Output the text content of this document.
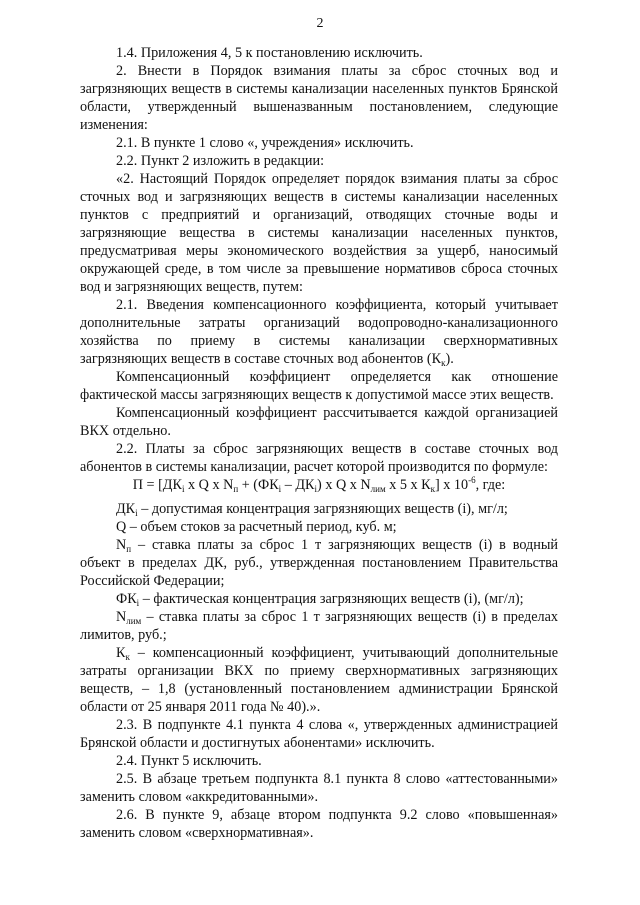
2

1.4. Приложения 4, 5 к постановлению исключить.

2. Внести в Порядок взимания платы за сброс сточных вод и загрязняющих веществ в системы канализации населенных пунктов Брянской области, утвержденный вышеназванным постановлением, следующие изменения:

2.1. В пункте 1 слово «, учреждения» исключить.

2.2. Пункт 2 изложить в редакции:

«2. Настоящий Порядок определяет порядок взимания платы за сброс сточных вод и загрязняющих веществ в системы канализации населенных пунктов с предприятий и организаций, отводящих сточные воды и загрязняющие вещества в системы канализации населенных пунктов, предусматривая меры экономического воздействия за ущерб, наносимый окружающей среде, в том числе за превышение нормативов сброса сточных вод и загрязняющих веществ, путем:

2.1. Введения компенсационного коэффициента, который учитывает дополнительные затраты организаций водопроводно-канализационного хозяйства по приему в системы канализации сверхнормативных загрязняющих веществ в составе сточных вод абонентов $(К_к)$.

Компенсационный коэффициент определяется как отношение фактической массы загрязняющих веществ к допустимой массе этих веществ.

Компенсационный коэффициент рассчитывается каждой организацией ВКХ отдельно.

2.2. Платы за сброс загрязняющих веществ в составе сточных вод абонентов в системы канализации, расчет которой производится по формуле:

$П = [ДК_i$ x Q x $N_п + (ФК_i - ДК_i)$ x Q x $N_{лим}$ x 5 x $К_к$] x $10^{-6}$, где:

$ДК_i$ – допустимая концентрация загрязняющих веществ (i), мг/л;

Q – объем стоков за расчетный период, куб. м;

$N_п$ – ставка платы за сброс 1 т загрязняющих веществ (i) в водный объект в пределах ДК, руб., утвержденная постановлением Правительства Российской Федерации;

$ФК_i$ – фактическая концентрация загрязняющих веществ (i), (мг/л);

$N_{лим}$ – ставка платы за сброс 1 т загрязняющих веществ (i) в пределах лимитов, руб.;

$К_к$ – компенсационный коэффициент, учитывающий дополнительные затраты организации ВКХ по приему сверхнормативных загрязняющих веществ, – 1,8 (установленный постановлением администрации Брянской области от 25 января 2011 года № 40).».

2.3. В подпункте 4.1 пункта 4 слова «, утвержденных администрацией Брянской области и достигнутых абонентами» исключить.

2.4. Пункт 5 исключить.

2.5. В абзаце третьем подпункта 8.1 пункта 8 слово «аттестованными» заменить словом «аккредитованными».

2.6. В пункте 9, абзаце втором подпункта 9.2 слово «повышенная» заменить словом «сверхнормативная».
